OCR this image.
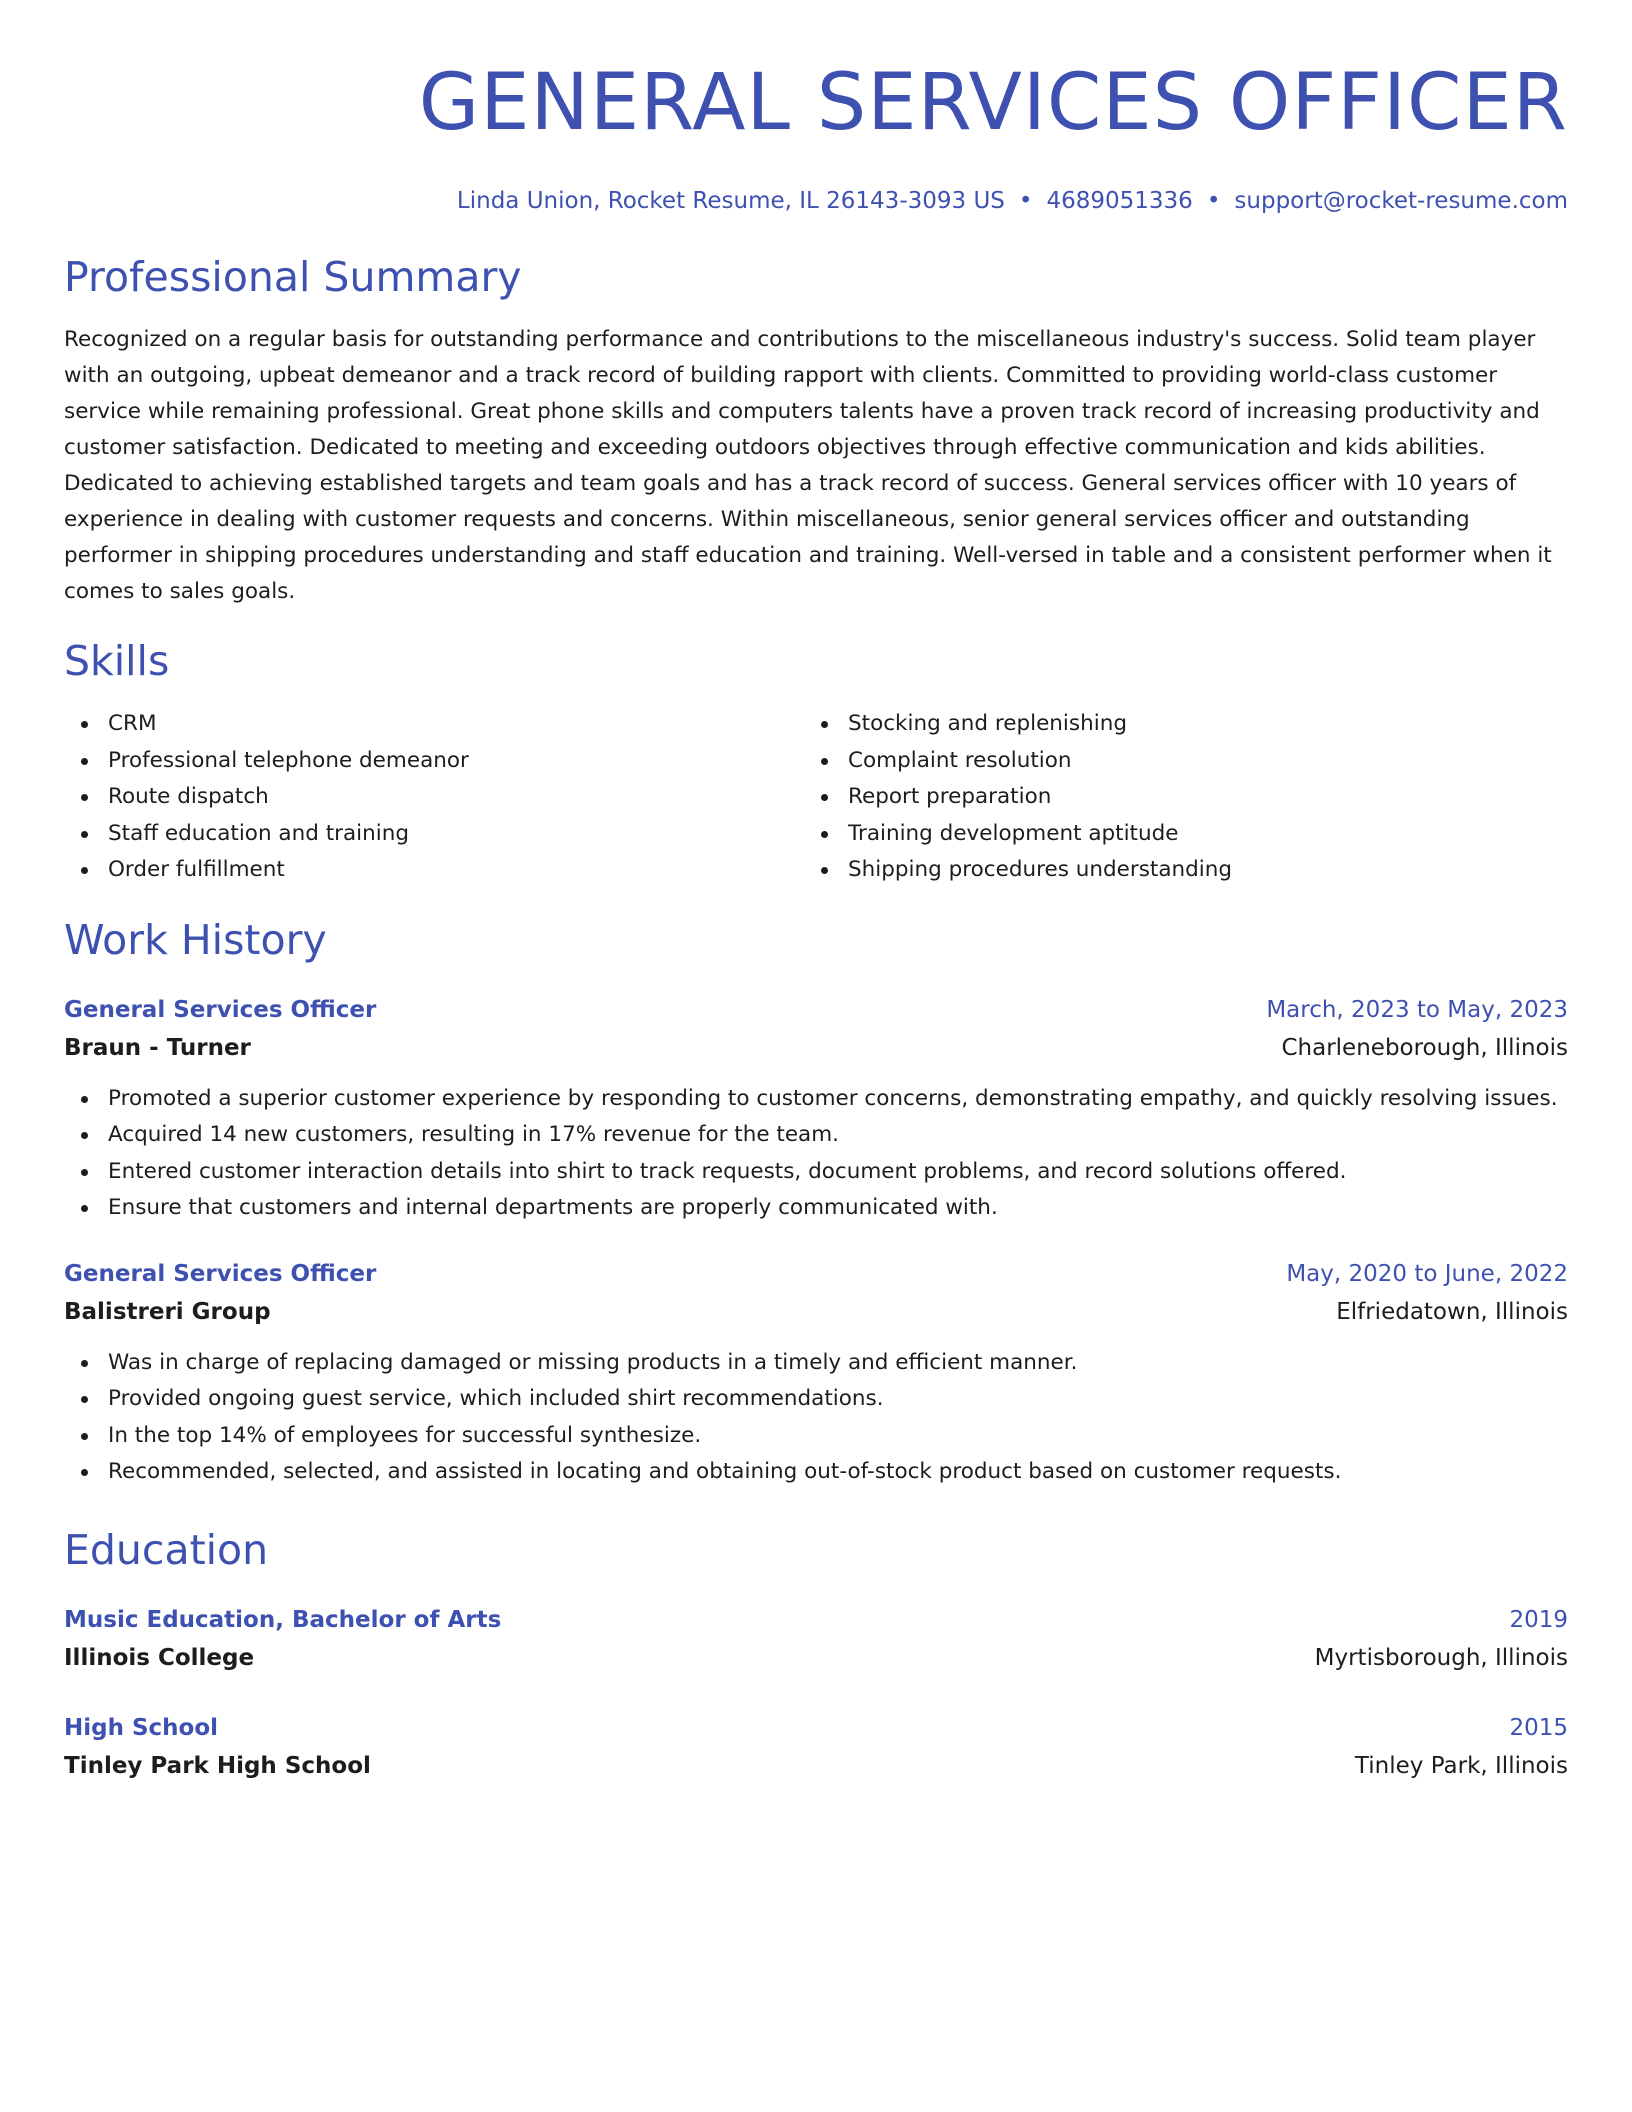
GENERAL SERVICES OFFICER
Linda Union, Rocket Resume, IL 26143-3093 US • 4689051336 • support@rocket-resume.com
Professional Summary
Recognized on a regular basis for outstanding performance and contributions to the miscellaneous industry's success. Solid team player with an outgoing, upbeat demeanor and a track record of building rapport with clients. Committed to providing world-class customer service while remaining professional. Great phone skills and computers talents have a proven track record of increasing productivity and customer satisfaction. Dedicated to meeting and exceeding outdoors objectives through effective communication and kids abilities. Dedicated to achieving established targets and team goals and has a track record of success. General services officer with 10 years of experience in dealing with customer requests and concerns. Within miscellaneous, senior general services officer and outstanding performer in shipping procedures understanding and staff education and training. Well-versed in table and a consistent performer when it comes to sales goals.
Skills
CRM
Professional telephone demeanor
Route dispatch
Staff education and training
Order fulfillment
Stocking and replenishing
Complaint resolution
Report preparation
Training development aptitude
Shipping procedures understanding
Work History
General Services Officer	March, 2023 to May, 2023
Braun - Turner	Charleneborough, Illinois
Promoted a superior customer experience by responding to customer concerns, demonstrating empathy, and quickly resolving issues.
Acquired 14 new customers, resulting in 17% revenue for the team.
Entered customer interaction details into shirt to track requests, document problems, and record solutions offered.
Ensure that customers and internal departments are properly communicated with.
General Services Officer	May, 2020 to June, 2022
Balistreri Group	Elfriedatown, Illinois
Was in charge of replacing damaged or missing products in a timely and efficient manner.
Provided ongoing guest service, which included shirt recommendations.
In the top 14% of employees for successful synthesize.
Recommended, selected, and assisted in locating and obtaining out-of-stock product based on customer requests.
Education
Music Education, Bachelor of Arts	2019
Illinois College	Myrtisborough, Illinois
High School	2015
Tinley Park High School	Tinley Park, Illinois
